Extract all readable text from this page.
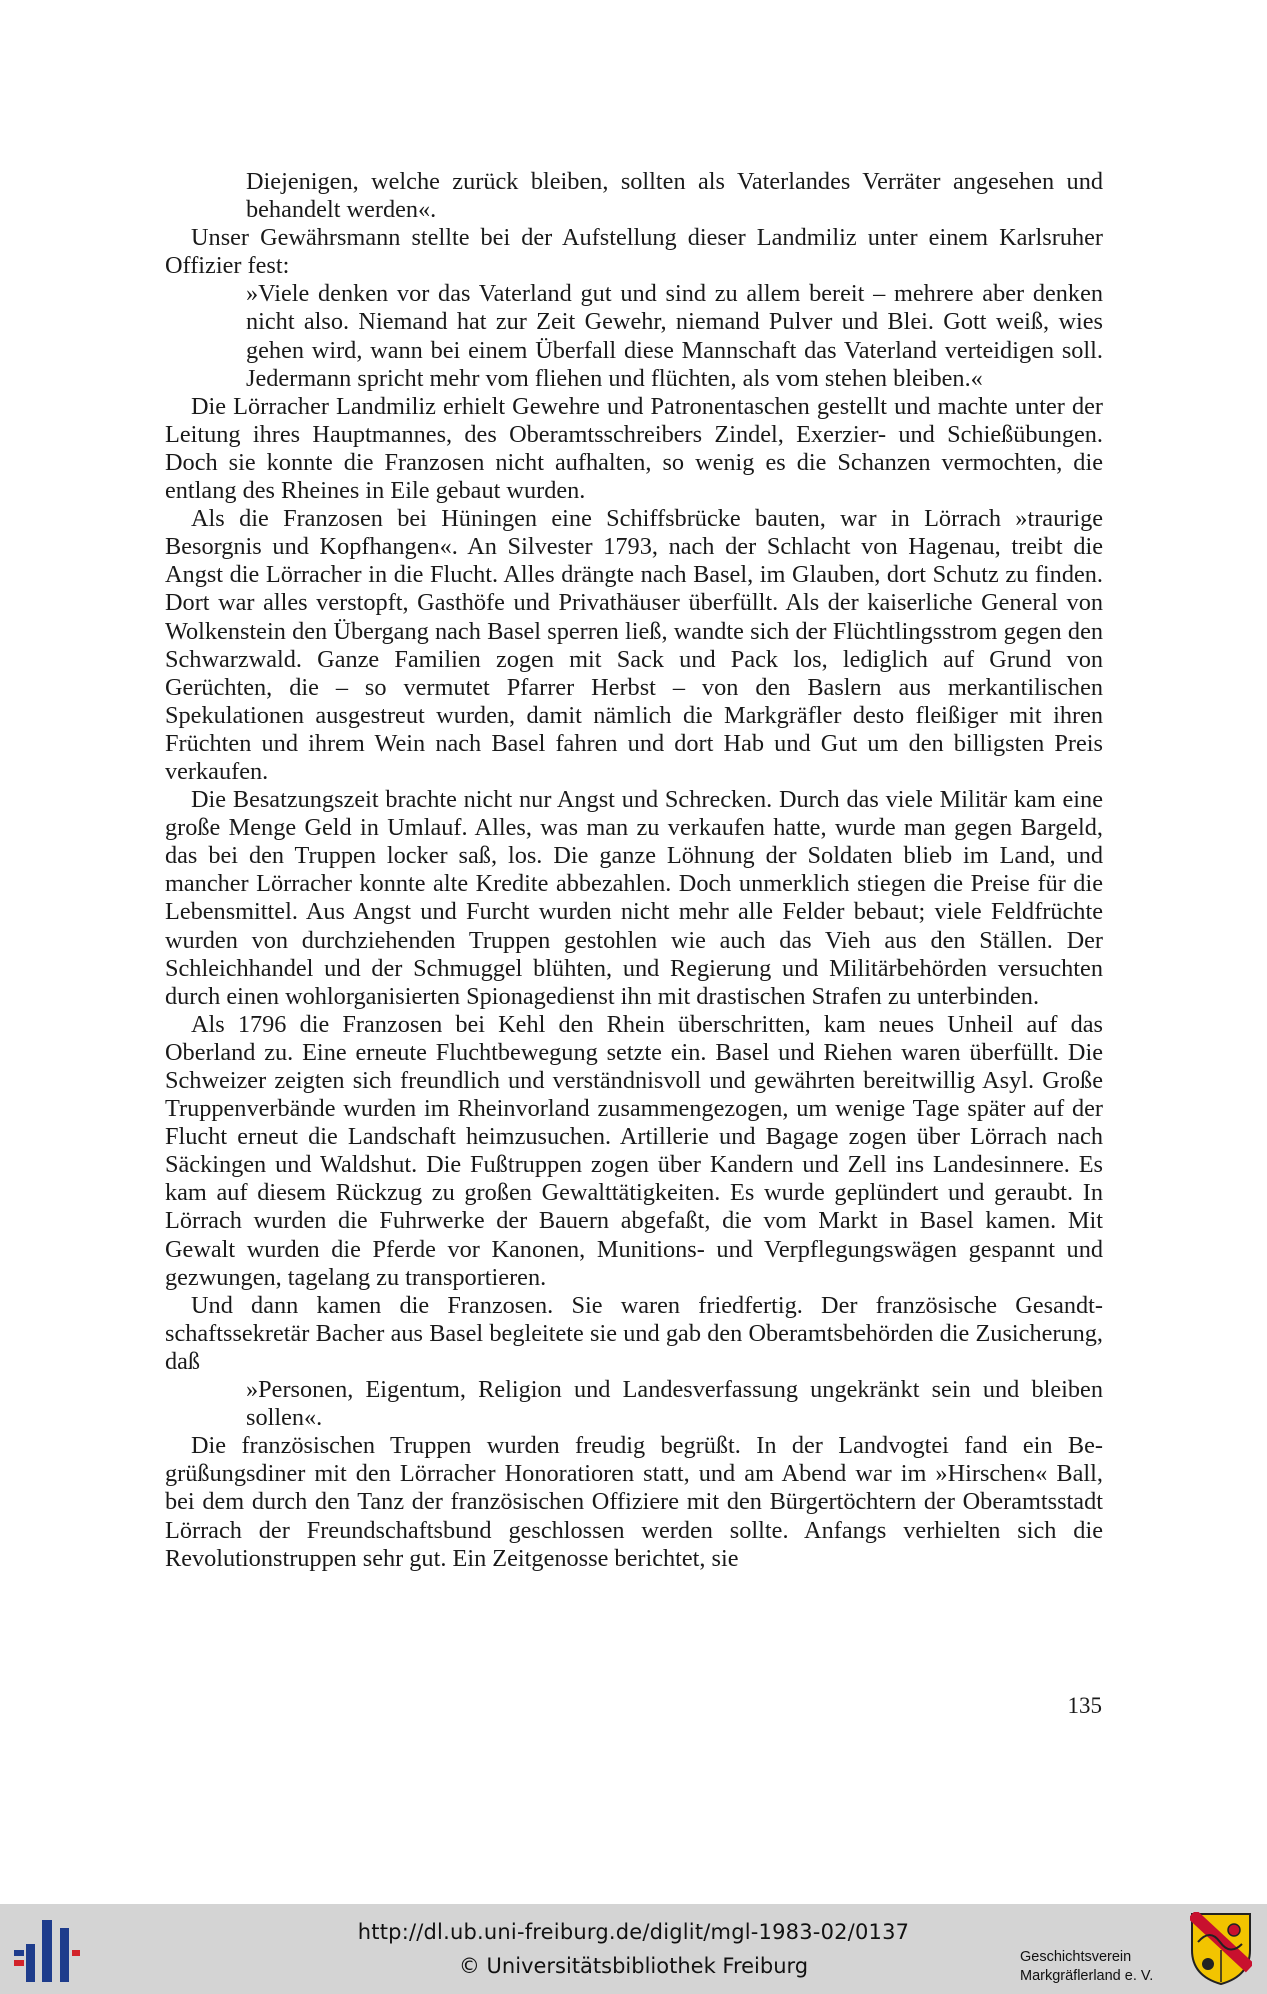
Diejenigen, welche zurück bleiben, sollten als Vaterlandes Verräter angesehen und behandelt werden«.

Unser Gewährsmann stellte bei der Aufstellung dieser Landmiliz unter einem Karlsruher Offizier fest:

»Viele denken vor das Vaterland gut und sind zu allem bereit – mehrere aber denken nicht also. Niemand hat zur Zeit Gewehr, niemand Pulver und Blei. Gott weiß, wies gehen wird, wann bei einem Überfall diese Mannschaft das Vaterland verteidigen soll. Jedermann spricht mehr vom fliehen und flüchten, als vom stehen bleiben.«

Die Lörracher Landmiliz erhielt Gewehre und Patronentaschen gestellt und machte unter der Leitung ihres Hauptmannes, des Oberamtsschreibers Zindel, Exerzier- und Schießübungen. Doch sie konnte die Franzosen nicht aufhalten, so wenig es die Schanzen vermochten, die entlang des Rheines in Eile gebaut wurden.

Als die Franzosen bei Hüningen eine Schiffsbrücke bauten, war in Lörrach »traurige Besorgnis und Kopfhangen«. An Silvester 1793, nach der Schlacht von Hagenau, treibt die Angst die Lörracher in die Flucht. Alles drängte nach Basel, im Glauben, dort Schutz zu finden. Dort war alles verstopft, Gasthöfe und Privathäuser überfüllt. Als der kaiserliche General von Wolkenstein den Übergang nach Basel sperren ließ, wandte sich der Flüchtlingsstrom gegen den Schwarzwald. Ganze Familien zogen mit Sack und Pack los, lediglich auf Grund von Gerüchten, die – so vermutet Pfarrer Herbst – von den Baslern aus merkantilischen Spekulationen ausgestreut wurden, damit nämlich die Markgräfler desto fleißiger mit ihren Früchten und ihrem Wein nach Basel fahren und dort Hab und Gut um den billigsten Preis verkaufen.

Die Besatzungszeit brachte nicht nur Angst und Schrecken. Durch das viele Militär kam eine große Menge Geld in Umlauf. Alles, was man zu verkaufen hatte, wurde man gegen Bargeld, das bei den Truppen locker saß, los. Die ganze Löhnung der Soldaten blieb im Land, und mancher Lörracher konnte alte Kredite abbezahlen. Doch unmerklich stiegen die Preise für die Lebensmittel. Aus Angst und Furcht wurden nicht mehr alle Felder bebaut; viele Feldfrüchte wurden von durchziehenden Truppen gestohlen wie auch das Vieh aus den Ställen. Der Schleichhandel und der Schmuggel blühten, und Regierung und Militärbehörden versuchten durch einen wohlorganisierten Spionagedienst ihn mit drastischen Strafen zu unterbinden.

Als 1796 die Franzosen bei Kehl den Rhein überschritten, kam neues Unheil auf das Oberland zu. Eine erneute Fluchtbewegung setzte ein. Basel und Riehen waren überfüllt. Die Schweizer zeigten sich freundlich und verständnisvoll und gewährten bereitwillig Asyl. Große Truppenverbände wurden im Rheinvorland zusammengezogen, um wenige Tage später auf der Flucht erneut die Landschaft heimzusuchen. Artillerie und Bagage zogen über Lörrach nach Säckingen und Waldshut. Die Fußtruppen zogen über Kandern und Zell ins Landesinnere. Es kam auf diesem Rückzug zu großen Gewalttätigkeiten. Es wurde geplündert und geraubt. In Lörrach wurden die Fuhrwerke der Bauern abgefaßt, die vom Markt in Basel kamen. Mit Gewalt wurden die Pferde vor Kanonen, Munitions- und Verpflegungswägen gespannt und gezwungen, tagelang zu transportieren.

Und dann kamen die Franzosen. Sie waren friedfertig. Der französische Gesandtschaftssekretär Bacher aus Basel begleitete sie und gab den Oberamtsbehörden die Zusicherung, daß

»Personen, Eigentum, Religion und Landesverfassung ungekränkt sein und bleiben sollen«.

Die französischen Truppen wurden freudig begrüßt. In der Landvogtei fand ein Begrüßungsdiner mit den Lörracher Honoratioren statt, und am Abend war im »Hirschen« Ball, bei dem durch den Tanz der französischen Offiziere mit den Bürgertöchtern der Oberamtsstadt Lörrach der Freundschaftsbund geschlossen werden sollte. Anfangs verhielten sich die Revolutionstruppen sehr gut. Ein Zeitgenosse berichtet, sie

135
http://dl.ub.uni-freiburg.de/diglit/mgl-1983-02/0137
© Universitätsbibliothek Freiburg	Geschichtsverein
Markgräflerland e. V.
